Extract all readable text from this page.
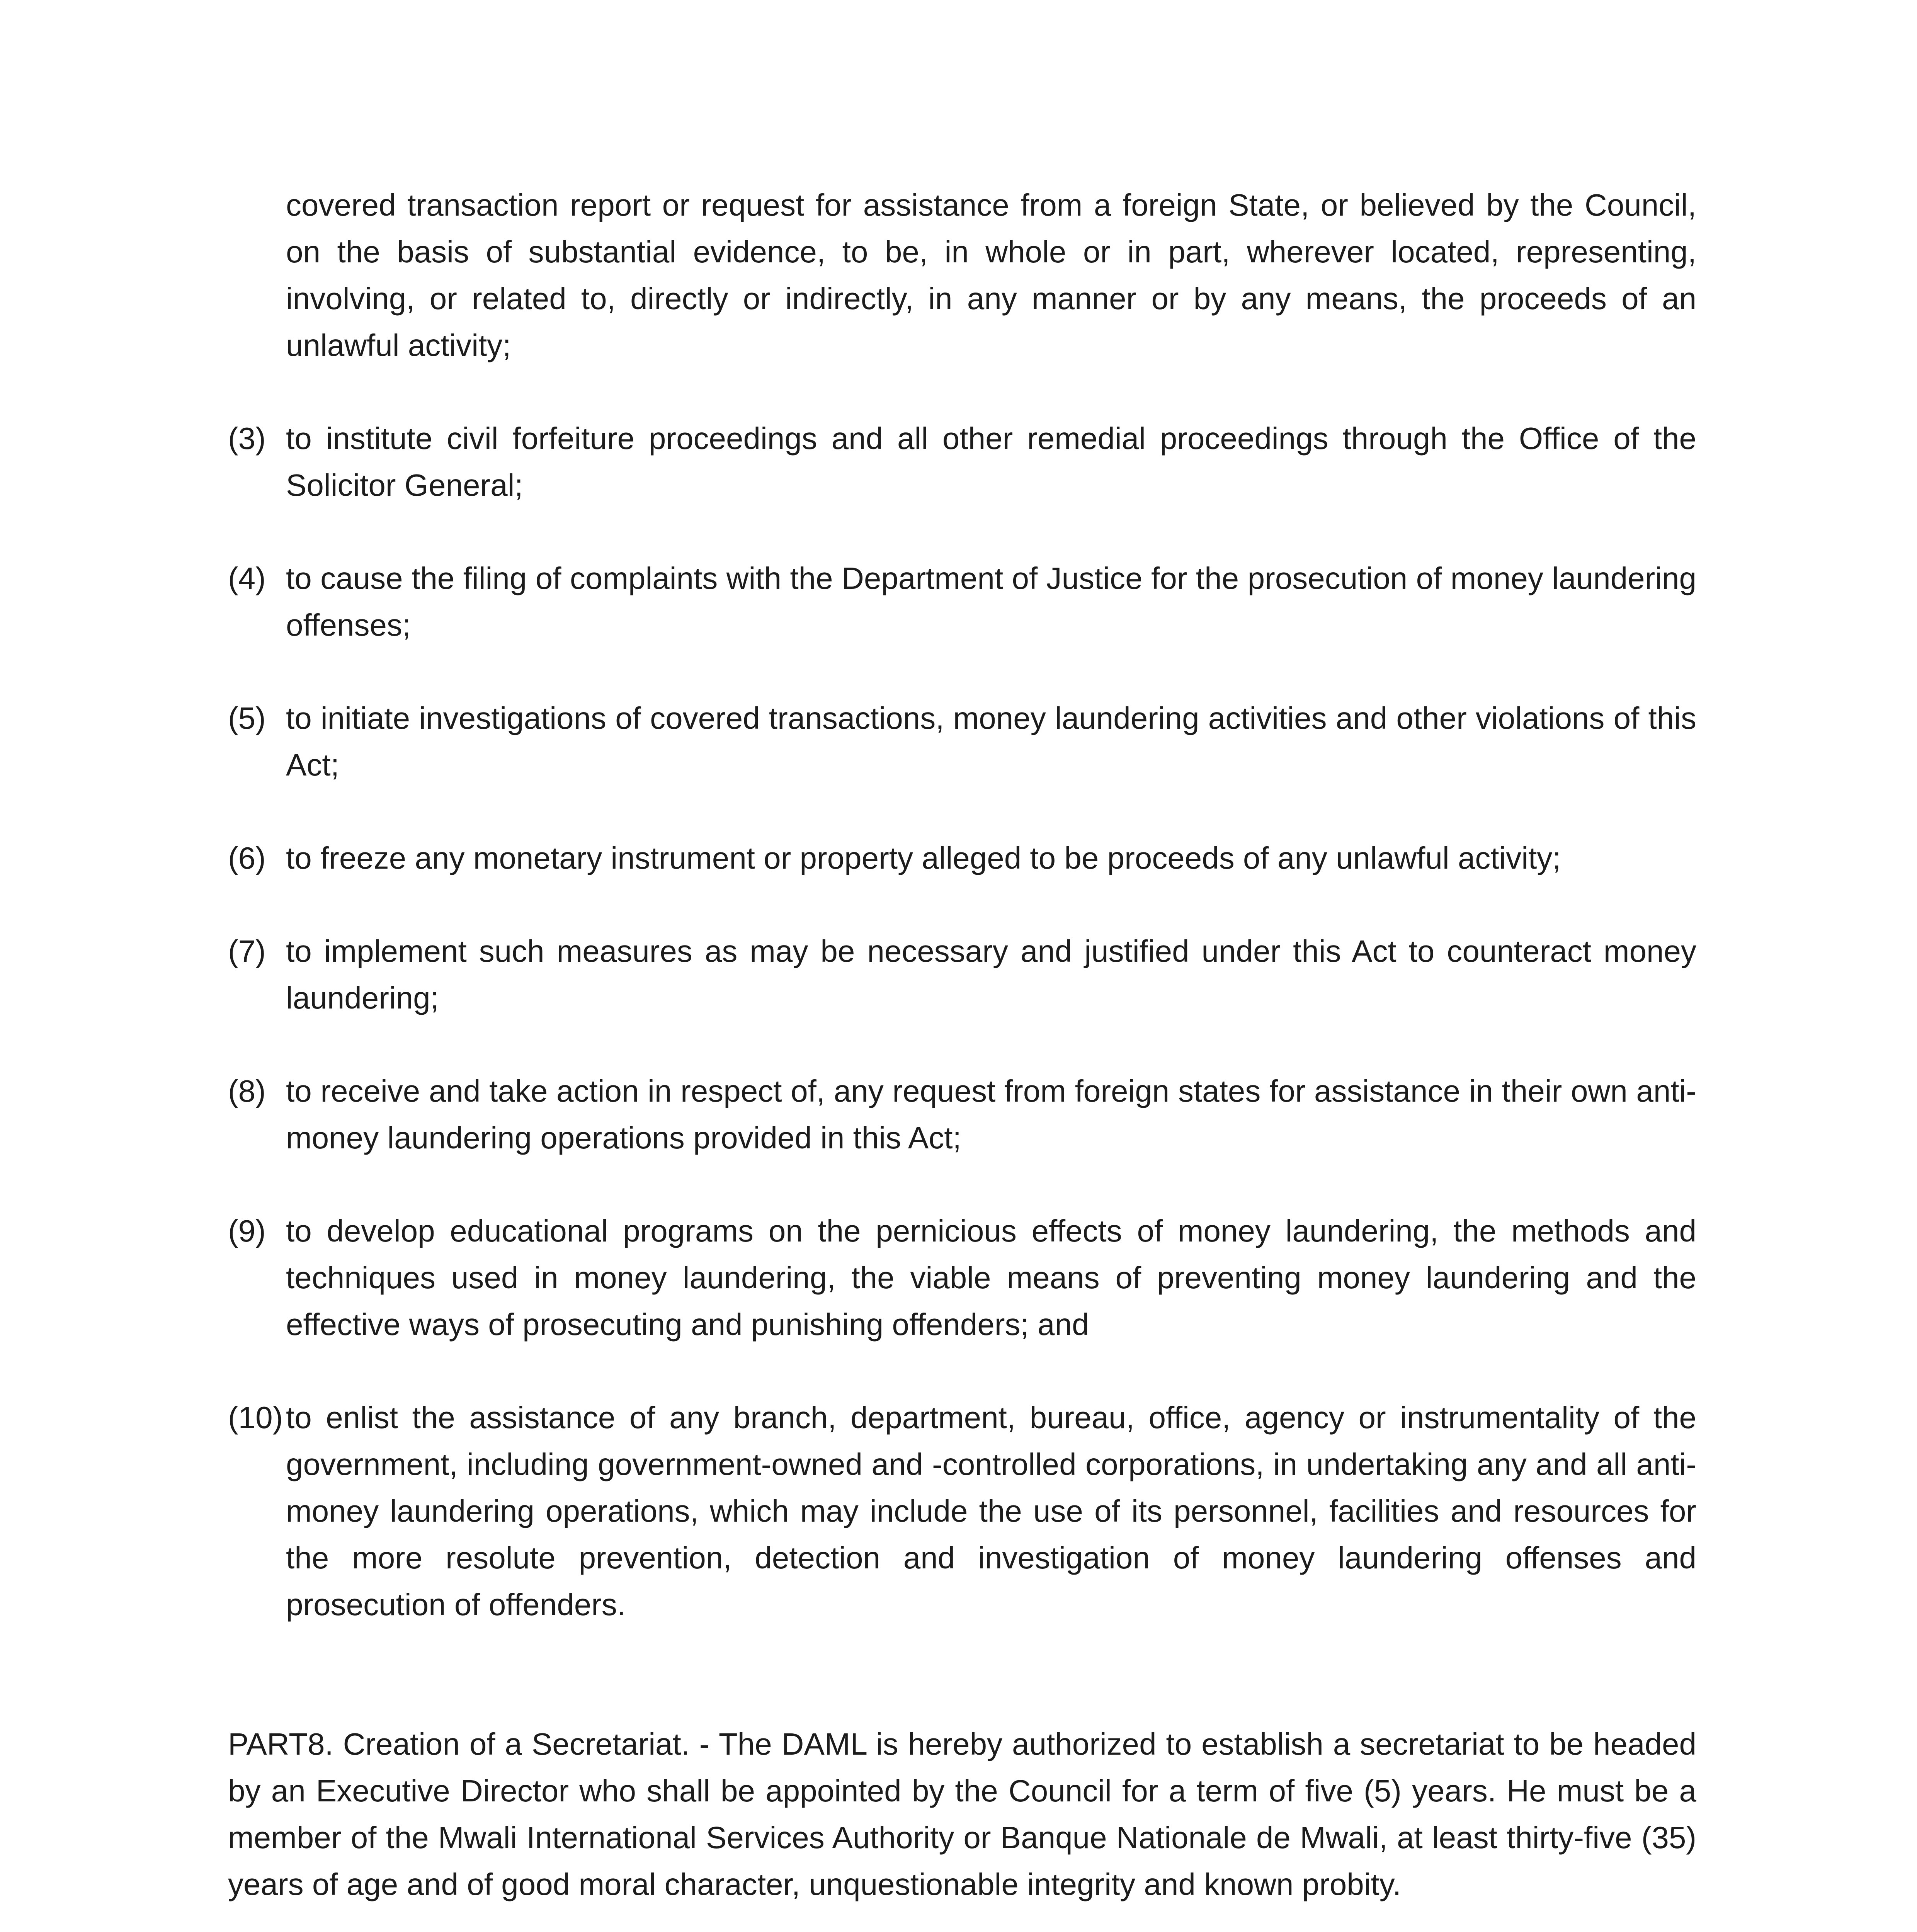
covered transaction report or request for assistance from a foreign State, or believed by the Council, on the basis of substantial evidence, to be, in whole or in part, wherever located, representing, involving, or related to, directly or indirectly, in any manner or by any means, the proceeds of an unlawful activity;

(3) to institute civil forfeiture proceedings and all other remedial proceedings through the Office of the Solicitor General;
(4) to cause the filing of complaints with the Department of Justice for the prosecution of money laundering offenses;
(5) to initiate investigations of covered transactions, money laundering activities and other violations of this Act;
(6) to freeze any monetary instrument or property alleged to be proceeds of any unlawful activity;
(7) to implement such measures as may be necessary and justified under this Act to counteract money laundering;
(8) to receive and take action in respect of, any request from foreign states for assistance in their own anti-money laundering operations provided in this Act;
(9) to develop educational programs on the pernicious effects of money laundering, the methods and techniques used in money laundering, the viable means of preventing money laundering and the effective ways of prosecuting and punishing offenders; and
(10) to enlist the assistance of any branch, department, bureau, office, agency or instrumentality of the government, including government-owned and -controlled corporations, in undertaking any and all anti-money laundering operations, which may include the use of its personnel, facilities and resources for the more resolute prevention, detection and investigation of money laundering offenses and prosecution of offenders.

PART8. Creation of a Secretariat. - The DAML is hereby authorized to establish a secretariat to be headed by an Executive Director who shall be appointed by the Council for a term of five (5) years. He must be a member of the Mwali International Services Authority or Banque Nationale de Mwali, at least thirty-five (35) years of age and of good moral character, unquestionable integrity and known probity.
